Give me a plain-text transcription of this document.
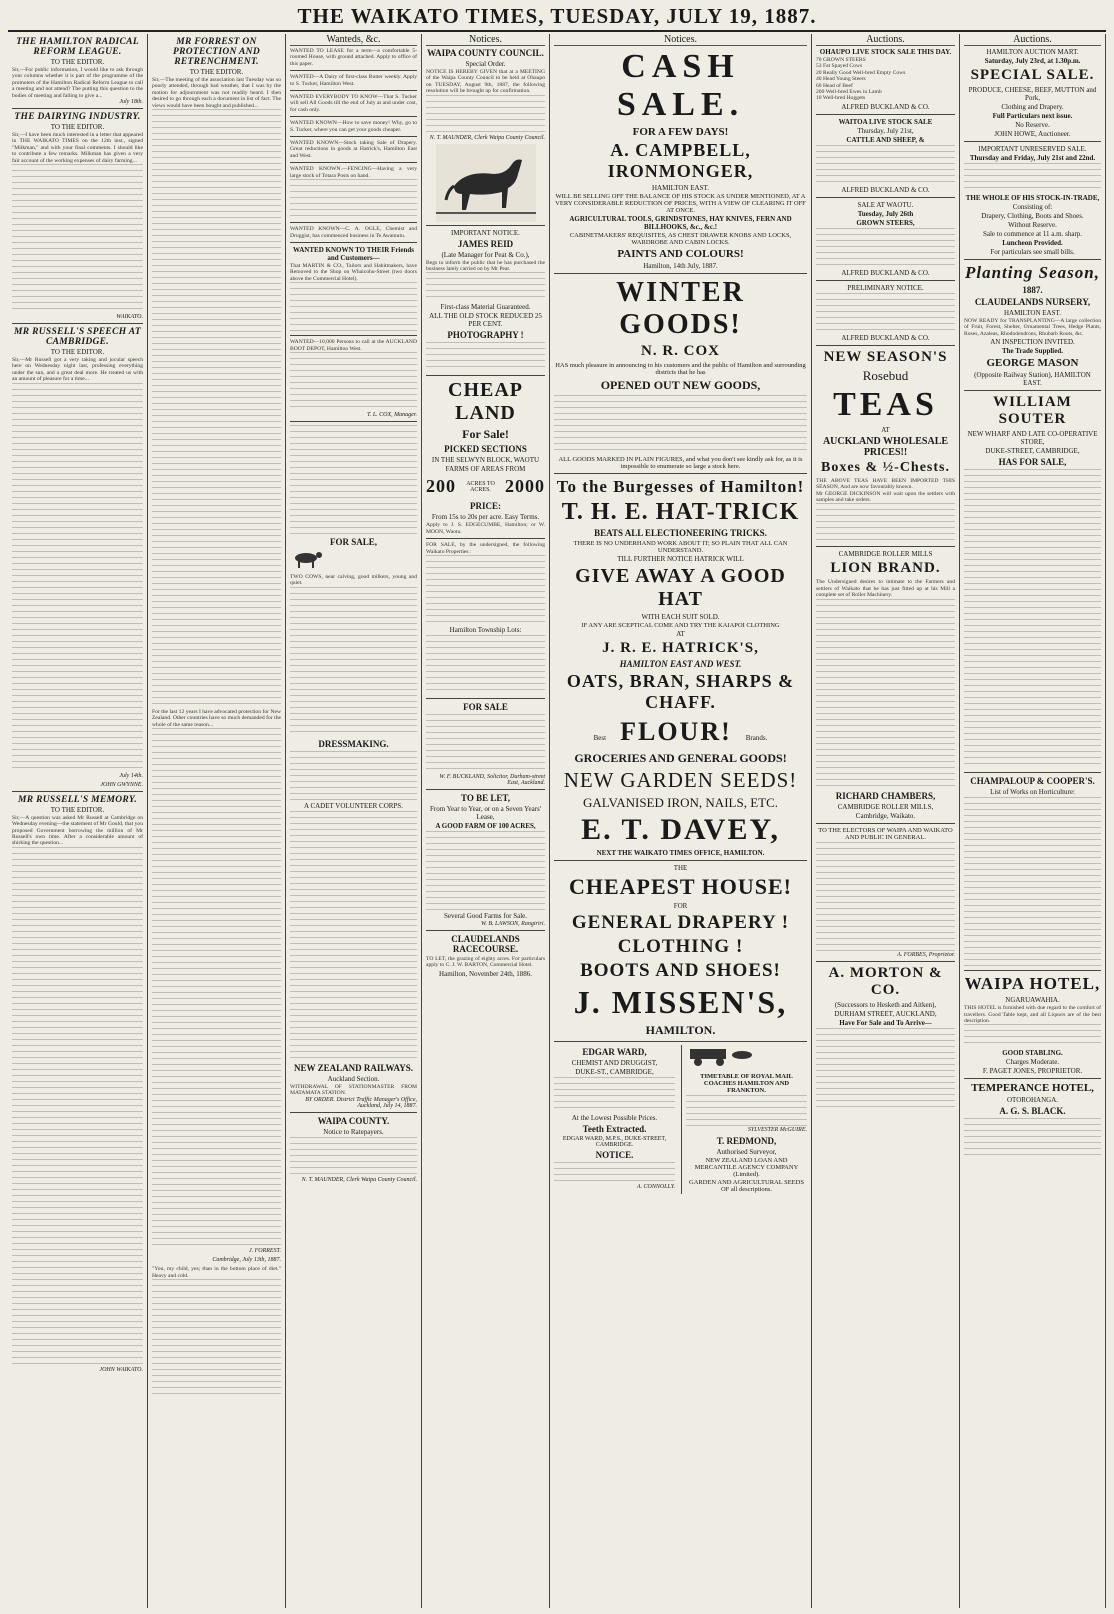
THE WAIKATO TIMES, TUESDAY, JULY 19, 1887.
THE HAMILTON RADICAL REFORM LEAGUE.
TO THE EDITOR.
Sir,—For public information, I would like to ask through your columns whether it is part of the programme of the promoters of the Hamilton Radical Reform League to call a meeting and not attend? The putting this question to the bodies of meeting and failing to give a...
July 18th.
THE DAIRYING INDUSTRY.
TO THE EDITOR.
Sir,—I have been much interested in a letter that appeared in THE WAIKATO TIMES on the 12th inst., signed "Milkman," and with your final comments. I should like to contribute a few remarks. Milkman has given a very fair account of the working expenses of dairy farming...
WAIKATO.
MR RUSSELL'S SPEECH AT CAMBRIDGE.
TO THE EDITOR.
Sir,—Mr Russell got a very taking and jocular speech here on Wednesday night last, professing everything under the sun, and a great deal more. He treated us with an amount of pleasure for a time...
July 14th.
JOHN GWYNNE.
MR RUSSELL'S MEMORY.
TO THE EDITOR.
Sir,—A question was asked Mr Russell at Cambridge on Wednesday evening—the statement of Mr Gould, that you proposed Government borrowing the million of Mr Russell's own time. After a considerable amount of shirking the question...
JOHN WAIKATO.
MR FORREST ON PROTECTION AND RETRENCHMENT.
TO THE EDITOR.
Sir,—The meeting of the association last Tuesday was so poorly attended, through bad weather, that I was by the motion for adjournment was not readily heard. I then desired to go through each a document in list of fact. The views would have been bought and published...
For the last 12 years I have advocated protection for New Zealand. Other countries have so much demanded for the whole of the same reason...
J. FORREST.
Cambridge, July 13th, 1887.
"You, my child, yes; than in the bottom place of diet." Heavy and cold.
Wanteds, &c.
WANTED TO LEASE for a term—a comfortable 5-roomed House, with ground attached. Apply to office of this paper.
WANTED—A Dairy of first-class Butter weekly. Apply to S. Tucker, Hamilton West.
WANTED EVERYBODY TO KNOW—That S. Tucker will sell All Goods till the end of July at and under cost, for cash only.
WANTED KNOWN—How to save money! Why, go to S. Tucker, where you can get your goods cheaper.
WANTED KNOWN—Stock taking Sale of Drapery. Great reductions in goods at Hatrick's, Hamilton East and West.
WANTED KNOWN.—FENCING—Having a very large stock of Totara Posts on hand.
WANTED KNOWN—C. A. OGLE, Chemist and Druggist, has commenced business in Te Awamutu.
WANTED KNOWN TO THEIR Friends and Customers—
That MARTIN & CO., Tailors and Habitmakers, have Removed to the Shop on Whaicohu-Street (two doors above the Commercial Hotel).
WANTED—10,000 Persons to call at the AUCKLAND BOOT DEPOT, Hamilton West.
T. L. COX, Manager.
FOR SALE,
TWO COWS, near calving, good milkers, young and quiet.
DRESSMAKING.
A CADET VOLUNTEER CORPS.
NEW ZEALAND RAILWAYS.
Auckland Section.
WITHDRAWAL OF STATIONMASTER FROM MATAMATA STATION.
BY ORDER. District Traffic Manager's Office, Auckland, July 14, 1887.
WAIPA COUNTY.
Notice to Ratepayers.
N. T. MAUNDER, Clerk Waipa County Council.
Notices.
WAIPA COUNTY COUNCIL.
Special Order.
NOTICE IS HEREBY GIVEN that at a MEETING of the Waipa County Council to be held at Ohaupo on TUESDAY, August 9th, 1887, the following resolution will be brought up for confirmation.
N. T. MAUNDER, Clerk Waipa County Council.
IMPORTANT NOTICE.
JAMES REID
(Late Manager for Peat & Co.),
Begs to inform the public that he has purchased the business lately carried on by Mr Peat.
First-class Material Guaranteed.
ALL THE OLD STOCK REDUCED 25 PER CENT.
PHOTOGRAPHY !
CHEAP LAND
For Sale!
PICKED SECTIONS
IN THE SELWYN BLOCK, WAOTU
FARMS OF AREAS FROM
200	ACRES TO ACRES. 2000
PRICE:
From 15s to 20s per acre. Easy Terms.
Apply to J. S. EDGECUMBE, Hamilton; or W. MOON, Waotu.
FOR SALE, by the undersigned, the following Waikato Properties :
Hamilton Township Lots:
FOR SALE
W. F. BUCKLAND, Solicitor, Durham-street East, Auckland.
TO BE LET,
From Year to Year, or on a Seven Years' Lease,
A GOOD FARM OF 100 ACRES,
Several Good Farms for Sale.
W. B. LAWSON, Rangiriri.
CLAUDELANDS RACECOURSE.
TO LET, the grazing of eighty acres. For particulars apply to C. J. W. BARTON, Commercial Hotel.
Hamilton, November 24th, 1886.
Notices.
CASH SALE.
FOR A FEW DAYS!
A. CAMPBELL, IRONMONGER,
HAMILTON EAST.
WILL BE SELLING OFF THE BALANCE OF HIS STOCK AS UNDER MENTIONED, AT A VERY CONSIDERABLE REDUCTION OF PRICES, WITH A VIEW OF CLEARING IT OFF AT ONCE.
AGRICULTURAL TOOLS, GRINDSTONES, HAY KNIVES, FERN AND BILLHOOKS, &c., &c.!
CABINETMAKERS' REQUISITES, AS CHEST DRAWER KNOBS AND LOCKS, WARDROBE AND CABIN LOCKS.
PAINTS AND COLOURS!
Hamilton, 14th July, 1887.
WINTER GOODS!
N. R. COX
HAS much pleasure in announcing to his customers and the public of Hamilton and surrounding districts that he has
OPENED OUT NEW GOODS,
ALL GOODS MARKED IN PLAIN FIGURES, and what you don't see kindly ask for, as it is impossible to enumerate so large a stock here.
To the Burgesses of Hamilton!
T. H. E. HAT-TRICK
BEATS ALL ELECTIONEERING TRICKS.
THERE IS NO UNDERHAND WORK ABOUT IT; SO PLAIN THAT ALL CAN UNDERSTAND.
TILL FURTHER NOTICE HATRICK WILL
GIVE AWAY A GOOD HAT
WITH EACH SUIT SOLD.
IF ANY ARE SCEPTICAL COME AND TRY THE KAIAPOI CLOTHING
AT
J. R. E. HATRICK'S,
HAMILTON EAST AND WEST.
OATS, BRAN, SHARPS & CHAFF.
Best FLOUR! Brands.
GROCERIES AND GENERAL GOODS!
NEW GARDEN SEEDS!
GALVANISED IRON, NAILS, ETC.
E. T. DAVEY,
NEXT THE WAIKATO TIMES OFFICE, HAMILTON.
THE
CHEAPEST HOUSE!
FOR
GENERAL DRAPERY !
CLOTHING !
BOOTS AND SHOES!
J. MISSEN'S,
HAMILTON.
EDGAR WARD,
CHEMIST AND DRUGGIST,
DUKE-ST., CAMBRIDGE,
At the Lowest Possible Prices.
Teeth Extracted.
EDGAR WARD, M.P.S., DUKE-STREET, CAMBRIDGE.
NOTICE.
A. CONNOLLY.
TIMETABLE OF ROYAL MAIL COACHES HAMILTON AND FRANKTON.
SYLVESTER McGUIRE.
T. REDMOND,
Authorised Surveyor,
NEW ZEALAND LOAN AND MERCANTILE AGENCY COMPANY (Limited).
GARDEN AND AGRICULTURAL SEEDS OF all descriptions.
Auctions.
OHAUPO LIVE STOCK SALE THIS DAY.
70 GROWN STEERS
53 Fat Spayed Cows
20 Really Good Well-bred Empty Cows
40 Head Young Steers
60 Head of Beef
200 Well-bred Ewes in Lamb
10 Well-bred Hoggets
ALFRED BUCKLAND & CO.
WAITOA LIVE STOCK SALE
Thursday, July 21st,
CATTLE AND SHEEP, &
ALFRED BUCKLAND & CO.
SALE AT WAOTU.
Tuesday, July 26th
GROWN STEERS,
ALFRED BUCKLAND & CO.
PRELIMINARY NOTICE.
ALFRED BUCKLAND & CO.
NEW SEASON'S
Rosebud
TEAS
AT
AUCKLAND WHOLESALE PRICES!!
Boxes & ½-Chests.
THE ABOVE TEAS HAVE BEEN IMPORTED THIS SEASON, And are now favourably known.
Mr GEORGE DICKINSON will wait upon the settlers with samples and take orders.
CAMBRIDGE ROLLER MILLS
LION BRAND.
The Undersigned desires to intimate to the Farmers and settlers of Waikato that he has just fitted up at his Mill a complete set of Roller Machinery.
RICHARD CHAMBERS,
CAMBRIDGE ROLLER MILLS,
Cambridge, Waikato.
TO THE ELECTORS OF WAIPA AND WAIKATO AND PUBLIC IN GENERAL.
A. FORBES, Proprietor.
A. MORTON & CO.
(Successors to Hesketh and Aitken),
DURHAM STREET, AUCKLAND,
Have For Sale and To Arrive—
Auctions.
HAMILTON AUCTION MART.
Saturday, July 23rd, at 1.30p.m.
SPECIAL SALE.
PRODUCE, CHEESE, BEEF, MUTTON and Pork,
Clothing and Drapery.
Full Particulars next issue.
No Reserve.
JOHN HOWE, Auctioneer.
IMPORTANT UNRESERVED SALE.
Thursday and Friday, July 21st and 22nd.
THE WHOLE OF HIS STOCK-IN-TRADE,
Consisting of:
Drapery, Clothing, Boots and Shoes.
Without Reserve.
Sale to commence at 11 a.m. sharp.
Luncheon Provided.
For particulars see small bills.
Planting Season,
1887.
CLAUDELANDS NURSERY,
HAMILTON EAST.
NOW READY for TRANSPLANTING—A large collection of Fruit, Forest, Shelter, Ornamental Trees, Hedge Plants, Roses, Azaleas, Rhododendrons, Rhubarb Roots, &c.
AN INSPECTION INVITED.
The Trade Supplied.
GEORGE MASON
(Opposite Railway Station), HAMILTON EAST.
WILLIAM SOUTER
NEW WHARF AND LATE CO-OPERATIVE STORE,
DUKE-STREET, CAMBRIDGE,
HAS FOR SALE,
CHAMPALOUP & COOPER'S.
List of Works on Horticulture:
WAIPA HOTEL,
NGARUAWAHIA.
THIS HOTEL is furnished with due regard to the comfort of travellers. Good Table kept, and all Liquors are of the best description.
GOOD STABLING.
Charges Moderate.
F. PAGET JONES, PROPRIETOR.
TEMPERANCE HOTEL,
OTOROHANGA.
A. G. S. BLACK.
